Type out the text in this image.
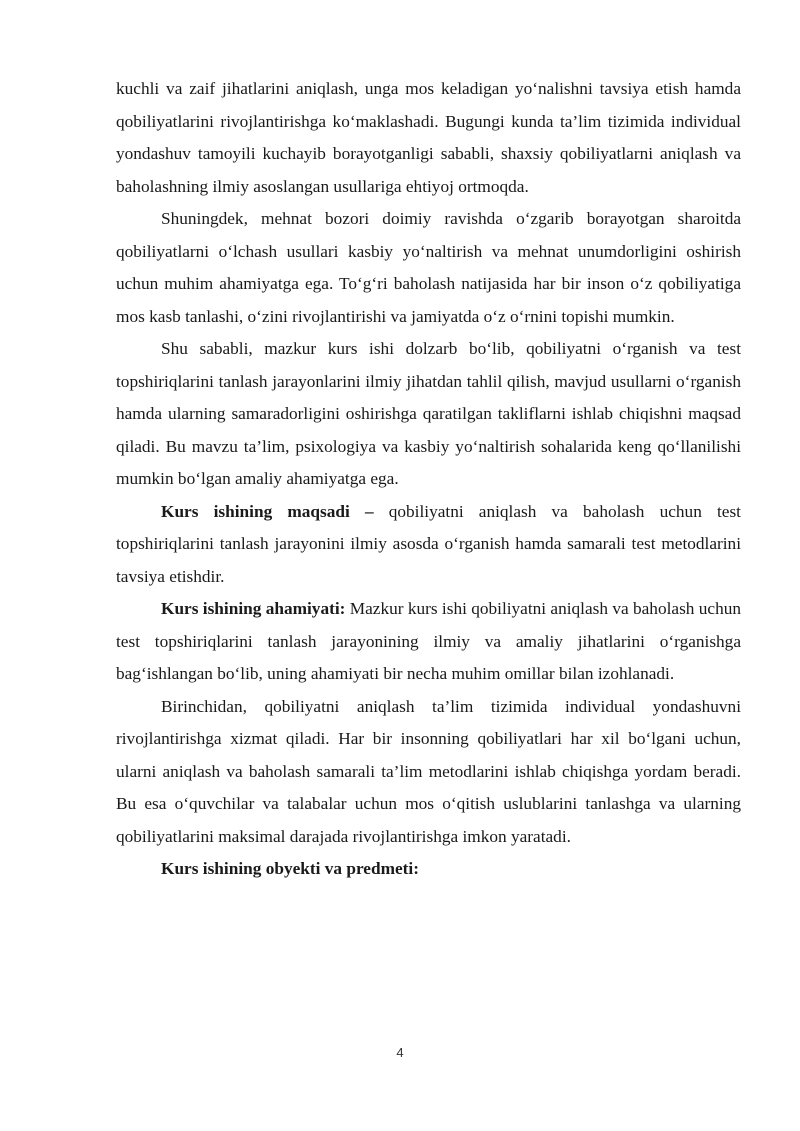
kuchli va zaif jihatlarini aniqlash, unga mos keladigan yo‘nalishni tavsiya etish hamda qobiliyatlarini rivojlantirishga ko‘maklashadi. Bugungi kunda ta’lim tizimida individual yondashuv tamoyili kuchayib borayotganligi sababli, shaxsiy qobiliyatlarni aniqlash va baholashning ilmiy asoslangan usullariga ehtiyoj ortmoqda.

Shuningdek, mehnat bozori doimiy ravishda o‘zgarib borayotgan sharoitda qobiliyatlarni o‘lchash usullari kasbiy yo‘naltirish va mehnat unumdorligini oshirish uchun muhim ahamiyatga ega. To‘g‘ri baholash natijasida har bir inson o‘z qobiliyatiga mos kasb tanlashi, o‘zini rivojlantirishi va jamiyatda o‘z o‘rnini topishi mumkin.

Shu sababli, mazkur kurs ishi dolzarb bo‘lib, qobiliyatni o‘rganish va test topshiriqlarini tanlash jarayonlarini ilmiy jihatdan tahlil qilish, mavjud usullarni o‘rganish hamda ularning samaradorligini oshirishga qaratilgan takliflarni ishlab chiqishni maqsad qiladi. Bu mavzu ta’lim, psixologiya va kasbiy yo‘naltirish sohalarida keng qo‘llanilishi mumkin bo‘lgan amaliy ahamiyatga ega.

Kurs ishining maqsadi – qobiliyatni aniqlash va baholash uchun test topshiriqlarini tanlash jarayonini ilmiy asosda o‘rganish hamda samarali test metodlarini tavsiya etishdir.

Kurs ishining ahamiyati: Mazkur kurs ishi qobiliyatni aniqlash va baholash uchun test topshiriqlarini tanlash jarayonining ilmiy va amaliy jihatlarini o‘rganishga bag‘ishlangan bo‘lib, uning ahamiyati bir necha muhim omillar bilan izohlanadi.

Birinchidan, qobiliyatni aniqlash ta’lim tizimida individual yondashuvni rivojlantirishga xizmat qiladi. Har bir insonning qobiliyatlari har xil bo‘lgani uchun, ularni aniqlash va baholash samarali ta’lim metodlarini ishlab chiqishga yordam beradi. Bu esa o‘quvchilar va talabalar uchun mos o‘qitish uslublarini tanlashga va ularning qobiliyatlarini maksimal darajada rivojlantirishga imkon yaratadi.

Kurs ishining obyekti va predmeti:

4
